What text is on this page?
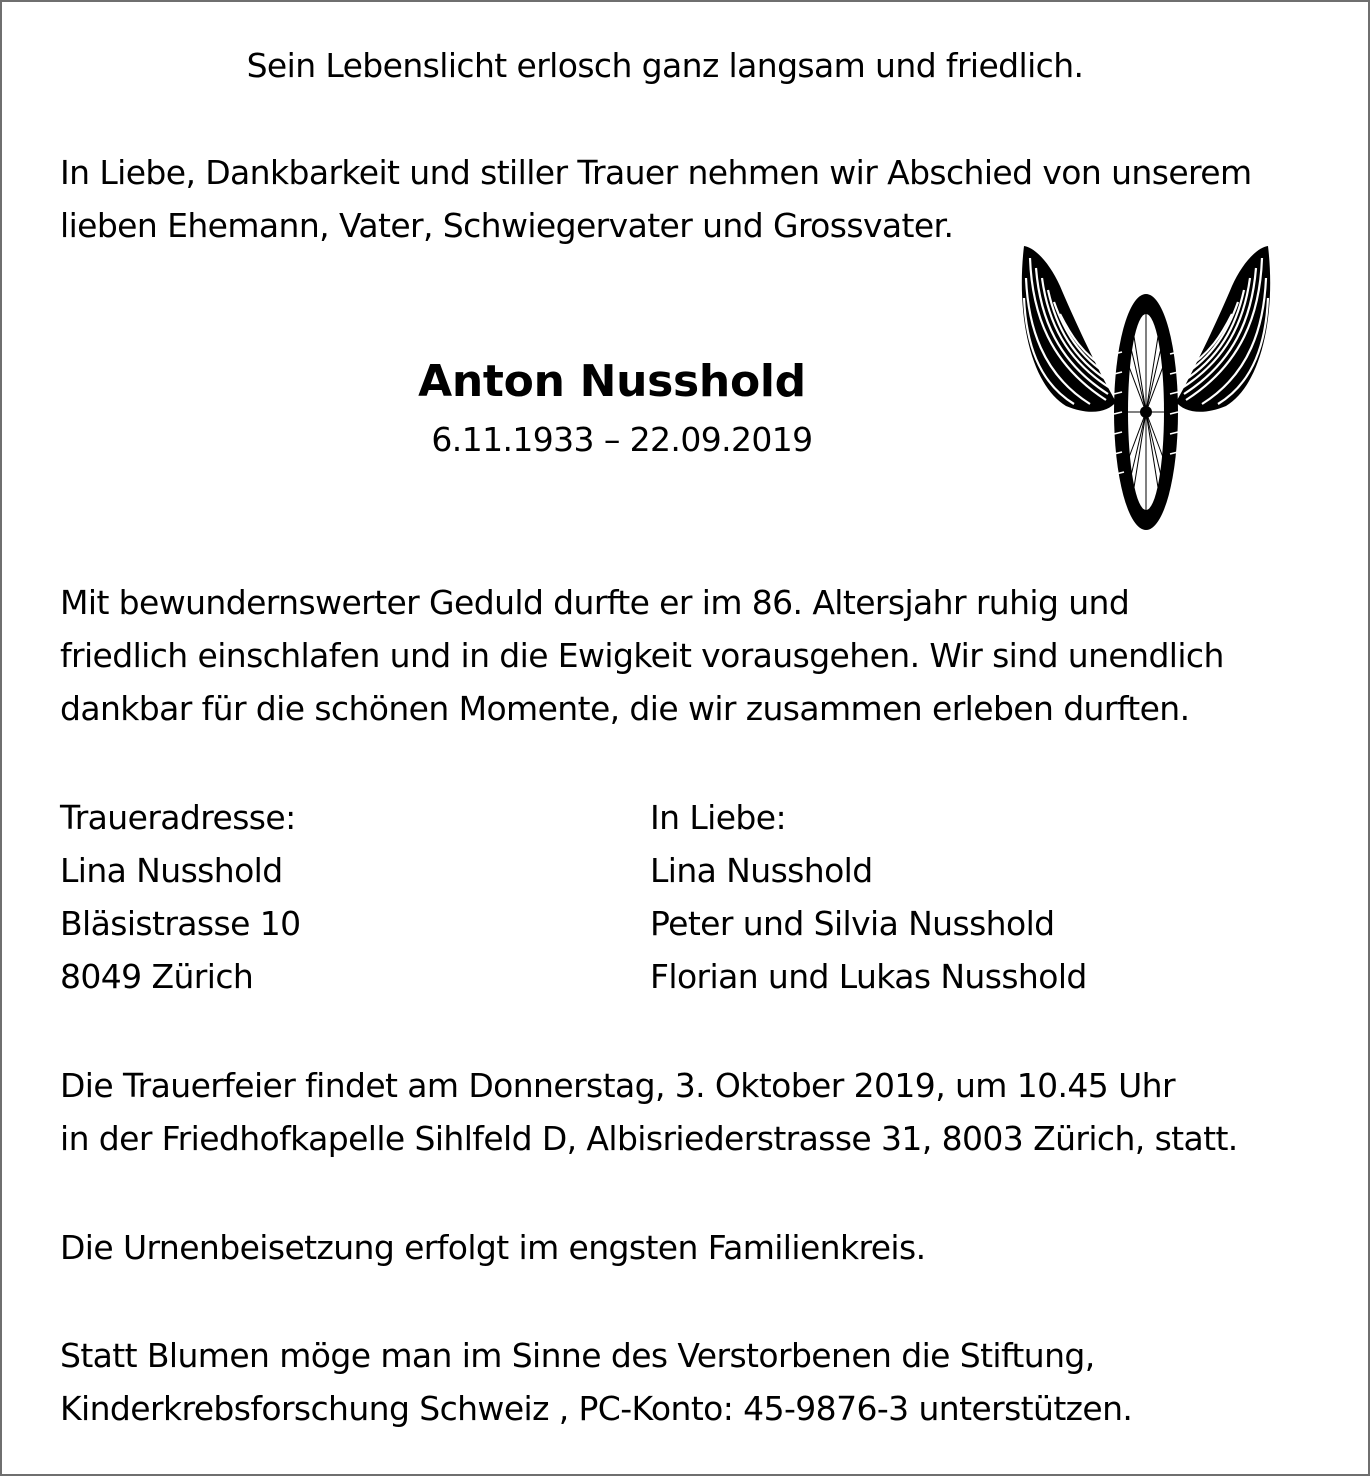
Sein Lebenslicht erlosch ganz langsam und friedlich.
In Liebe, Dankbarkeit und stiller Trauer nehmen wir Abschied von unserem
lieben Ehemann, Vater, Schwiegervater und Grossvater.
Anton Nusshold
6.11.1933 – 22.09.2019
Mit bewundernswerter Geduld durfte er im 86. Altersjahr ruhig und
friedlich einschlafen und in die Ewigkeit vorausgehen. Wir sind unendlich
dankbar für die schönen Momente, die wir zusammen erleben durften.
Traueradresse:
Lina Nusshold
Bläsistrasse 10
8049 Zürich
In Liebe:
Lina Nusshold
Peter und Silvia Nusshold
Florian und Lukas Nusshold
Die Trauerfeier findet am Donnerstag, 3. Oktober 2019, um 10.45 Uhr
in der Friedhofkapelle Sihlfeld D, Albisriederstrasse 31, 8003 Zürich, statt.
Die Urnenbeisetzung erfolgt im engsten Familienkreis.
Statt Blumen möge man im Sinne des Verstorbenen die Stiftung,
Kinderkrebsforschung Schweiz , PC-Konto: 45-9876-3 unterstützen.
